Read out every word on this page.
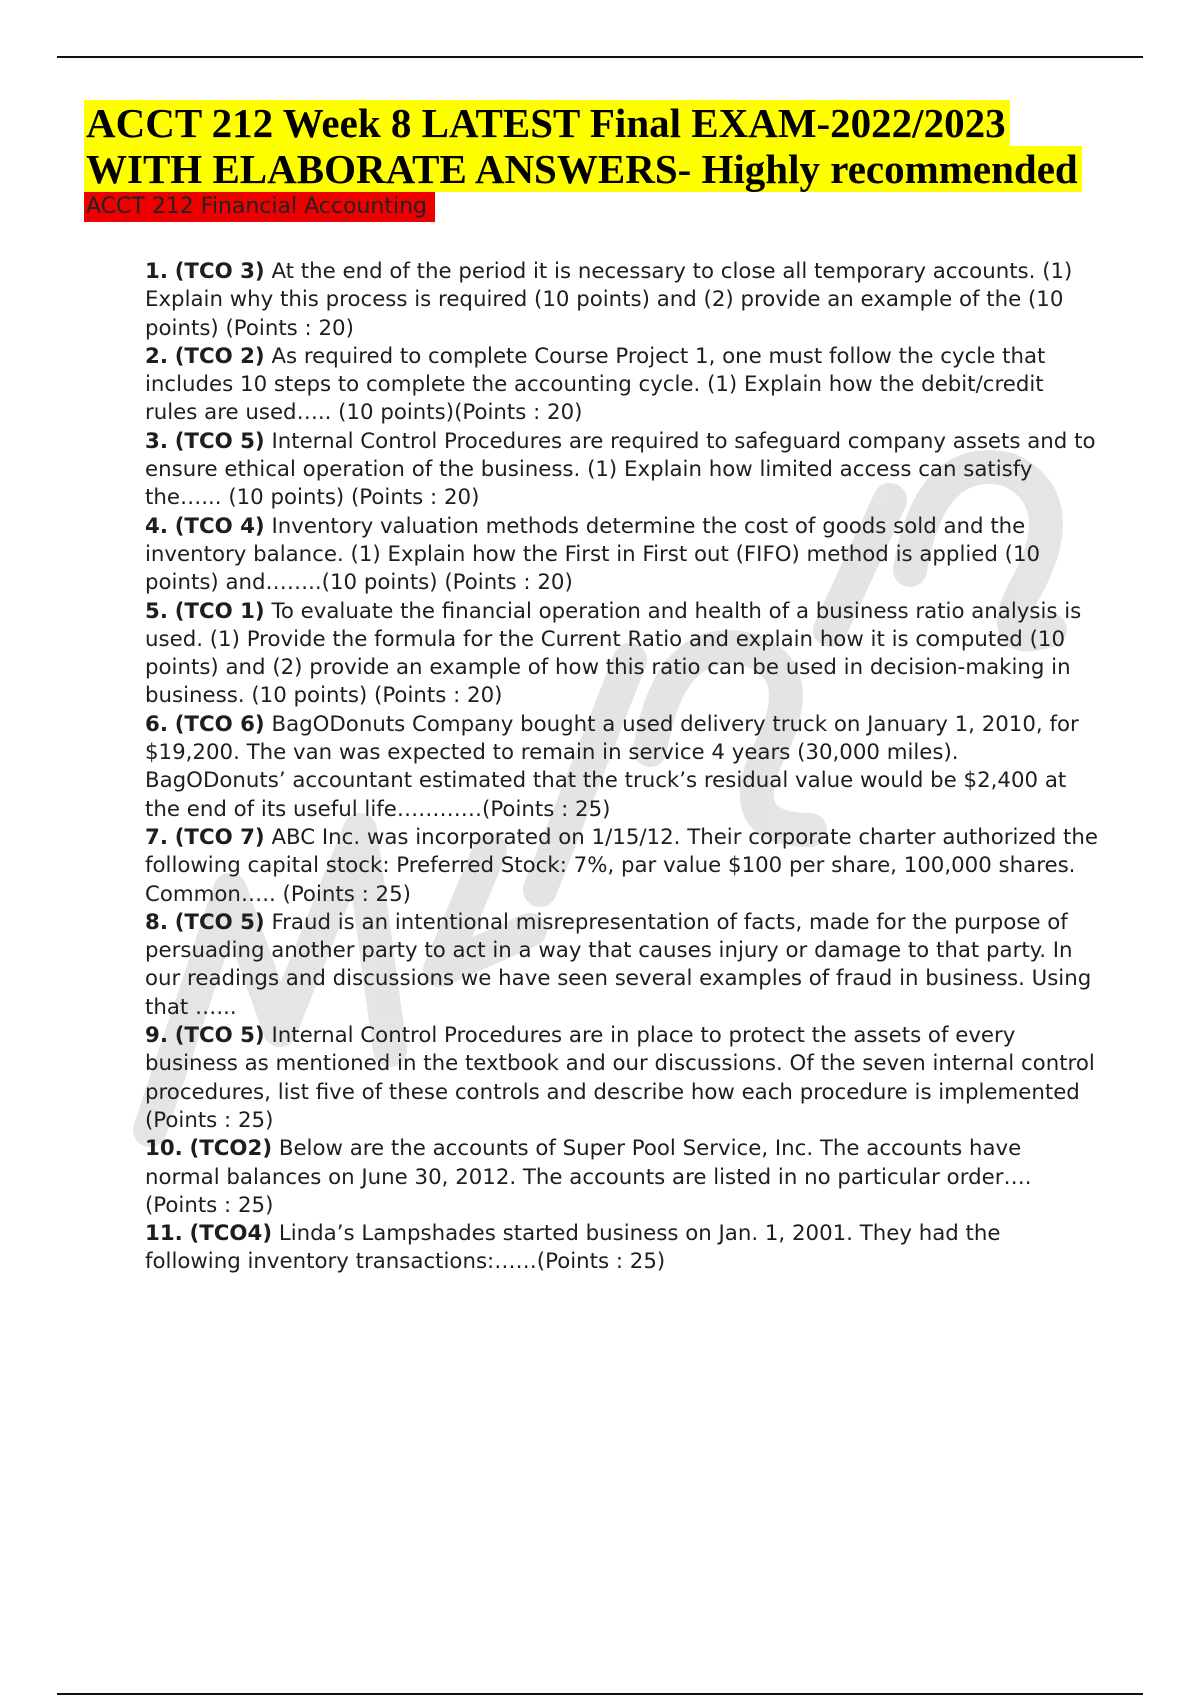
ACCT 212 Week 8 LATEST Final EXAM-2022/2023
WITH ELABORATE ANSWERS- Highly recommended
ACCT 212 Financial Accounting
1. (TCO 3) At the end of the period it is necessary to close all temporary accounts. (1) Explain why this process is required (10 points) and (2) provide an example of the (10 points) (Points : 20)
2. (TCO 2) As required to complete Course Project 1, one must follow the cycle that includes 10 steps to complete the accounting cycle. (1) Explain how the debit/credit rules are used….. (10 points)(Points : 20)
3. (TCO 5) Internal Control Procedures are required to safeguard company assets and to ensure ethical operation of the business. (1) Explain how limited access can satisfy the…... (10 points) (Points : 20)
4. (TCO 4) Inventory valuation methods determine the cost of goods sold and the inventory balance. (1) Explain how the First in First out (FIFO) method is applied (10 points) and……..(10 points) (Points : 20)
5. (TCO 1) To evaluate the financial operation and health of a business ratio analysis is used. (1) Provide the formula for the Current Ratio and explain how it is computed (10 points) and (2) provide an example of how this ratio can be used in decision-making in business. (10 points) (Points : 20)
6. (TCO 6) BagODonuts Company bought a used delivery truck on January 1, 2010, for $19,200. The van was expected to remain in service 4 years (30,000 miles). BagODonuts’ accountant estimated that the truck’s residual value would be $2,400 at the end of its useful life…………(Points : 25)
7. (TCO 7) ABC Inc. was incorporated on 1/15/12. Their corporate charter authorized the following capital stock: Preferred Stock: 7%, par value $100 per share, 100,000 shares. Common….. (Points : 25)
8. (TCO 5) Fraud is an intentional misrepresentation of facts, made for the purpose of persuading another party to act in a way that causes injury or damage to that party. In our readings and discussions we have seen several examples of fraud in business. Using that …...
9. (TCO 5) Internal Control Procedures are in place to protect the assets of every business as mentioned in the textbook and our discussions. Of the seven internal control procedures, list five of these controls and describe how each procedure is implemented (Points : 25)
10. (TCO2) Below are the accounts of Super Pool Service, Inc. The accounts have normal balances on June 30, 2012. The accounts are listed in no particular order…. (Points : 25)
11. (TCO4) Linda’s Lampshades started business on Jan. 1, 2001. They had the following inventory transactions:……(Points : 25)
